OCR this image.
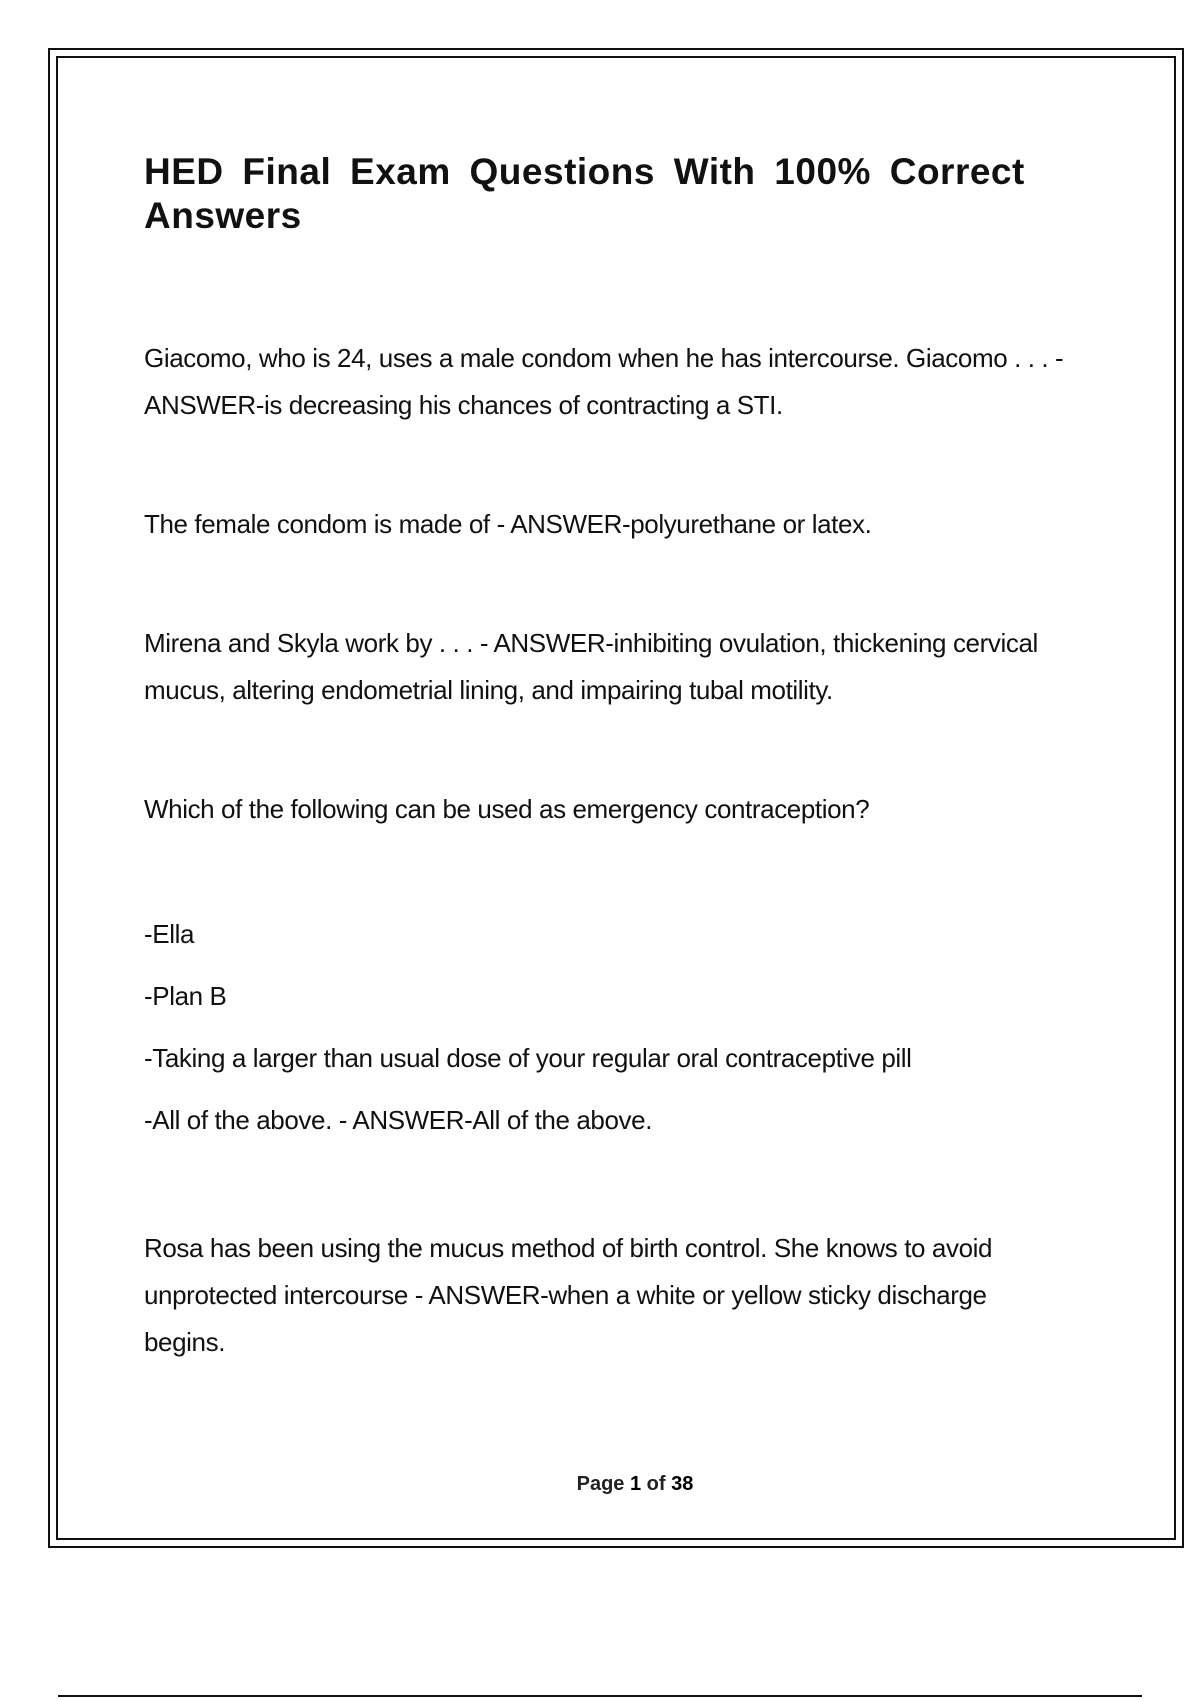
HED Final Exam Questions With 100% Correct Answers

Giacomo, who is 24, uses a male condom when he has intercourse. Giacomo . . . - ANSWER-is decreasing his chances of contracting a STI.

The female condom is made of - ANSWER-polyurethane or latex.

Mirena and Skyla work by . . . - ANSWER-inhibiting ovulation, thickening cervical mucus, altering endometrial lining, and impairing tubal motility.

Which of the following can be used as emergency contraception?

-Ella
-Plan B
-Taking a larger than usual dose of your regular oral contraceptive pill
-All of the above. - ANSWER-All of the above.

Rosa has been using the mucus method of birth control. She knows to avoid unprotected intercourse - ANSWER-when a white or yellow sticky discharge begins.

Page 1 of 38
